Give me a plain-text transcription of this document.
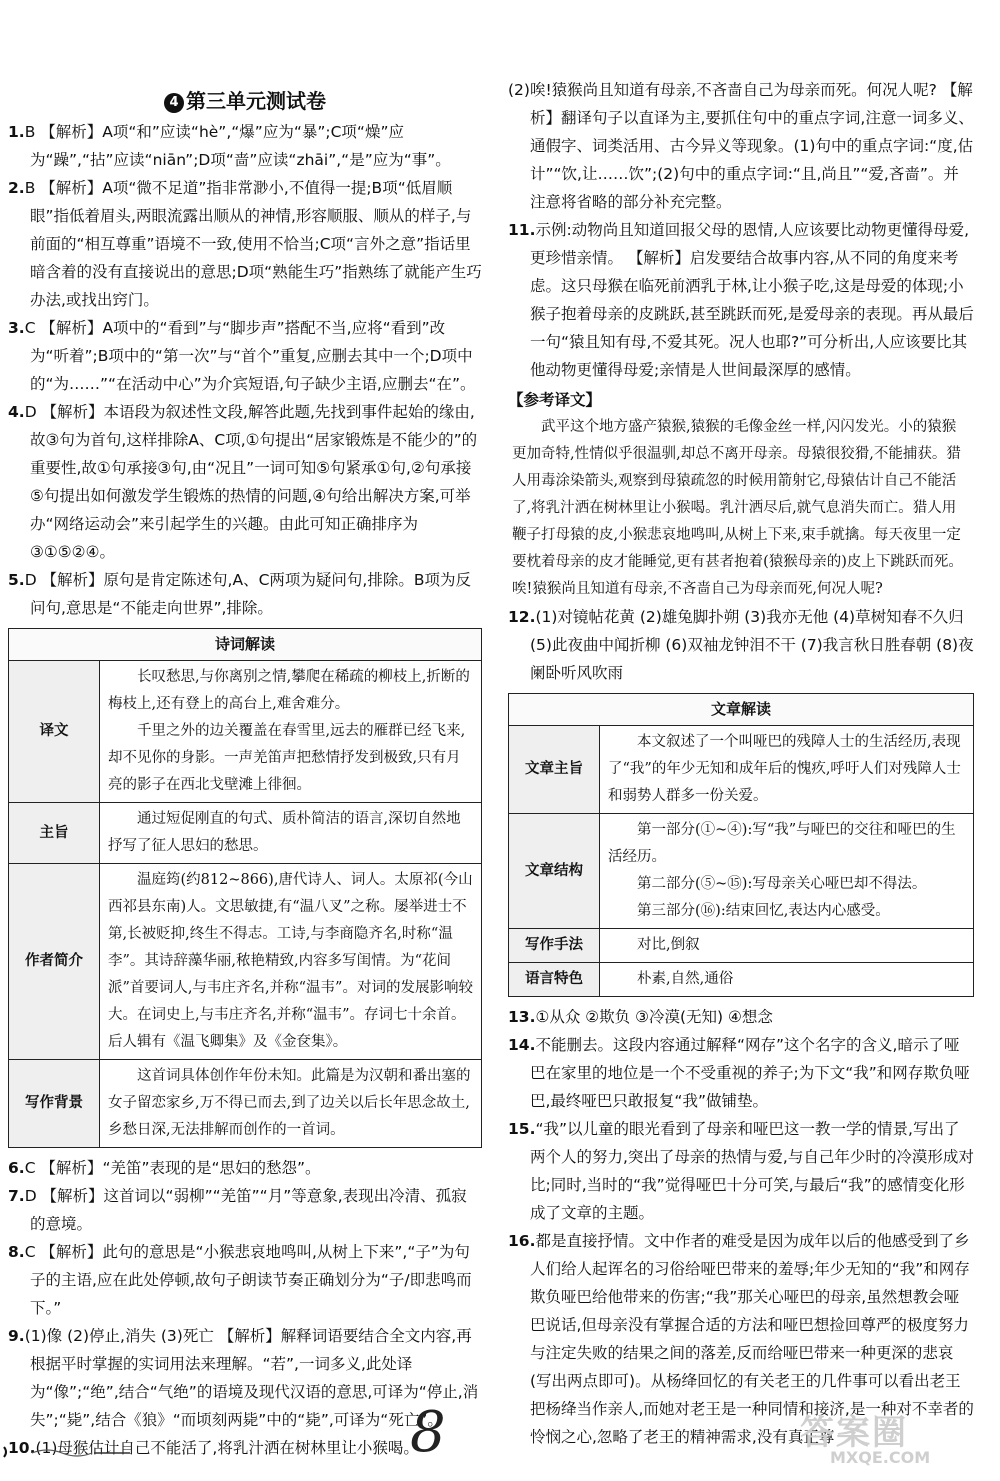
4 第三单元测试卷

1.B 【解析】A项“和”应读“hè”,“爆”应为“暴”;C项“燥”应为“躁”,“拈”应读“niān”;D项“啬”应读“zhāi”,“是”应为“事”。

2.B 【解析】A项“微不足道”指非常渺小,不值得一提;B项“低眉顺眼”指低着眉头,两眼流露出顺从的神情,形容顺服、顺从的样子,与前面的“相互尊重”语境不一致,使用不恰当;C项“言外之意”指话里暗含着的没有直接说出的意思;D项“熟能生巧”指熟练了就能产生巧办法,或找出窍门。

3.C 【解析】A项中的“看到”与“脚步声”搭配不当,应将“看到”改为“听着”;B项中的“第一次”与“首个”重复,应删去其中一个;D项中的“为……”“在活动中心”为介宾短语,句子缺少主语,应删去“在”。

4.D 【解析】本语段为叙述性文段,解答此题,先找到事件起始的缘由,故③句为首句,这样排除A、C项,①句提出“居家锻炼是不能少的”的重要性,故①句承接③句,由“况且”一词可知⑤句紧承①句,②句承接⑤句提出如何激发学生锻炼的热情的问题,④句给出解决方案,可举办“网络运动会”来引起学生的兴趣。由此可知正确排序为③①⑤②④。

5.D 【解析】原句是肯定陈述句,A、C两项为疑问句,排除。B项为反问句,意思是“不能走向世界”,排除。

诗词解读	
译文	长叹愁思,与你离别之情,攀爬在稀疏的柳枝上,折断的梅枝上,还有登上的高台上,难舍难分。
千里之外的边关覆盖在春雪里,远去的雁群已经飞来,却不见你的身影。一声羌笛声把愁情抒发到极致,只有月亮的影子在西北戈壁滩上徘徊。

主旨	通过短促刚直的句式、质朴简洁的语言,深切自然地抒写了征人思妇的愁思。

作者简介	温庭筠(约812~866),唐代诗人、词人。太原祁(今山西祁县东南)人。文思敏捷,有“温八叉”之称。屡举进士不第,长被贬抑,终生不得志。工诗,与李商隐齐名,时称“温李”。其诗辞藻华丽,秾艳精致,内容多写闺情。为“花间派”首要词人,与韦庄齐名,并称“温韦”。对词的发展影响较大。在词史上,与韦庄齐名,并称“温韦”。存词七十余首。后人辑有《温飞卿集》及《金奁集》。

写作背景	这首词具体创作年份未知。此篇是为汉朝和番出塞的女子留恋家乡,万不得已而去,到了边关以后长年思念故土,乡愁日深,无法排解而创作的一首词。

6.C 【解析】“羌笛”表现的是“思妇的愁怨”。

7.D 【解析】这首词以“弱柳”“羌笛”“月”等意象,表现出冷清、孤寂的意境。

8.C 【解析】此句的意思是“小猴悲哀地鸣叫,从树上下来”,“子”为句子的主语,应在此处停顿,故句子朗读节奏正确划分为“子/即悲鸣而下。”

9.(1)像 (2)停止,消失 (3)死亡 【解析】解释词语要结合全文内容,再根据平时掌握的实词用法来理解。“若”,一词多义,此处译为“像”;“绝”,结合“气绝”的语境及现代汉语的意思,可译为“停止,消失”;“毙”,结合《狼》“而顷刻两毙”中的“毙”,可译为“死亡”。

10.(1)母猴估计自己不能活了,将乳汁洒在树林里让小猴喝。

(2)唉!猿猴尚且知道有母亲,不吝啬自己为母亲而死。何况人呢? 【解析】翻译句子以直译为主,要抓住句中的重点字词,注意一词多义、通假字、词类活用、古今异义等现象。(1)句中的重点字词:“度,估计”“饮,让……饮”;(2)句中的重点字词:“且,尚且”“爱,吝啬”。并注意将省略的部分补充完整。

11.示例:动物尚且知道回报父母的恩情,人应该要比动物更懂得母爱,更珍惜亲情。 【解析】启发要结合故事内容,从不同的角度来考虑。这只母猴在临死前洒乳于林,让小猴子吃,这是母爱的体现;小猴子抱着母亲的皮跳跃,甚至跳跃而死,是爱母亲的表现。再从最后一句“猿且知有母,不爱其死。况人也耶?”可分析出,人应该要比其他动物更懂得母爱;亲情是人世间最深厚的感情。

【参考译文】

武平这个地方盛产猿猴,猿猴的毛像金丝一样,闪闪发光。小的猿猴更加奇特,性情似乎很温驯,却总不离开母亲。母猿很狡猾,不能捕获。猎人用毒涂染箭头,观察到母猿疏忽的时候用箭射它,母猿估计自己不能活了,将乳汁洒在树林里让小猴喝。乳汁洒尽后,就气息消失而亡。猎人用鞭子打母猿的皮,小猴悲哀地鸣叫,从树上下来,束手就擒。每天夜里一定要枕着母亲的皮才能睡觉,更有甚者抱着(猿猴母亲的)皮上下跳跃而死。唉!猿猴尚且知道有母亲,不吝啬自己为母亲而死,何况人呢?

12.(1)对镜帖花黄 (2)雄兔脚扑朔 (3)我亦无他 (4)草树知春不久归 (5)此夜曲中闻折柳 (6)双袖龙钟泪不干 (7)我言秋日胜春朝 (8)夜阑卧听风吹雨

文章解读	
文章主旨	本文叙述了一个叫哑巴的残障人士的生活经历,表现了“我”的年少无知和成年后的愧疚,呼吁人们对残障人士和弱势人群多一份关爱。

文章结构	第一部分(①~④):写“我”与哑巴的交往和哑巴的生活经历。
第二部分(⑤~⑮):写母亲关心哑巴却不得法。
第三部分(⑯):结束回忆,表达内心感受。

写作手法	对比,倒叙

语言特色	朴素,自然,通俗

13.①从众 ②欺负 ③冷漠(无知) ④想念

14.不能删去。这段内容通过解释“网存”这个名字的含义,暗示了哑巴在家里的地位是一个不受重视的养子;为下文“我”和网存欺负哑巴,最终哑巴只敢报复“我”做铺垫。

15.“我”以儿童的眼光看到了母亲和哑巴这一教一学的情景,写出了两个人的努力,突出了母亲的热情与爱,与自己年少时的冷漠形成对比;同时,当时的“我”觉得哑巴十分可笑,与最后“我”的感情变化形成了文章的主题。

16.都是直接抒情。文中作者的难受是因为成年以后的他感受到了乡人们给人起诨名的习俗给哑巴带来的羞辱;年少无知的“我”和网存欺负哑巴给他带来的伤害;“我”那关心哑巴的母亲,虽然想教会哑巴说话,但母亲没有掌握合适的方法和哑巴想捡回尊严的极度努力与注定失败的结果之间的落差,反而给哑巴带来一种更深的悲哀(写出两点即可)。从杨绛回忆的有关老王的几件事可以看出老王把杨绛当作亲人,而她对老王是一种同情和接济,是一种对不幸者的怜悯之心,忽略了老王的精神需求,没有真正尊

8	答案圈
MXQE.COM
